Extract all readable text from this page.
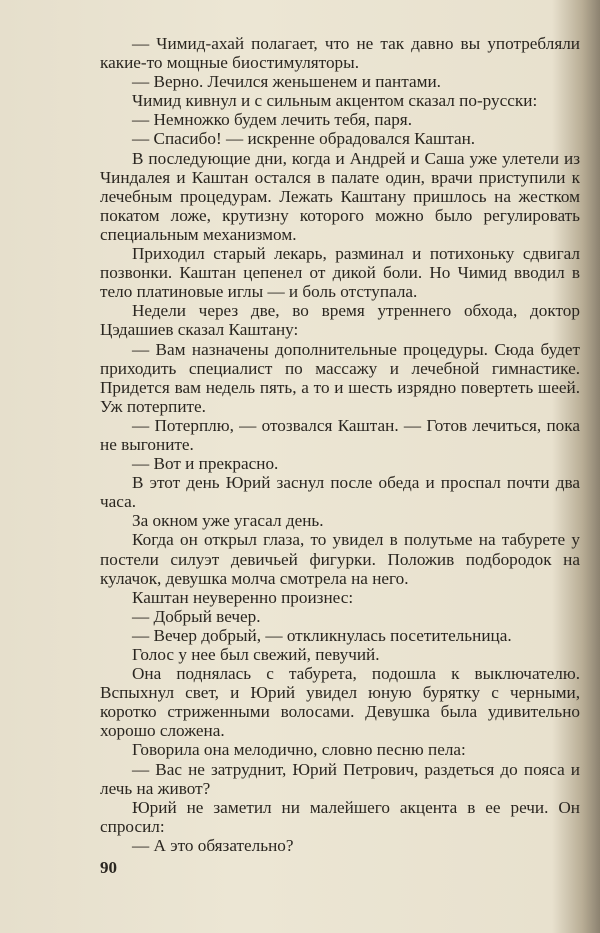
— Чимид-ахай полагает, что не так давно вы употребляли какие-то мощные биостимуляторы.

— Верно. Лечился женьшенем и пантами.

Чимид кивнул и с сильным акцентом сказал по-русски:

— Немножко будем лечить тебя, паря.

— Спасибо! — искренне обрадовался Каштан.

В последующие дни, когда и Андрей и Саша уже улетели из Чиндалея и Каштан остался в палате один, врачи приступили к лечебным процедурам. Лежать Каштану пришлось на жестком покатом ложе, крутизну которого можно было регулировать специальным механизмом.

Приходил старый лекарь, разминал и потихоньку сдвигал позвонки. Каштан цепенел от дикой боли. Но Чимид вводил в тело платиновые иглы — и боль отступала.

Недели через две, во время утреннего обхода, доктор Цэдашиев сказал Каштану:

— Вам назначены дополнительные процедуры. Сюда будет приходить специалист по массажу и лечебной гимнастике. Придется вам недель пять, а то и шесть изрядно повертеть шеей. Уж потерпите.

— Потерплю, — отозвался Каштан. — Готов лечиться, пока не выгоните.

— Вот и прекрасно.

В этот день Юрий заснул после обеда и проспал почти два часа.

За окном уже угасал день.

Когда он открыл глаза, то увидел в полутьме на табурете у постели силуэт девичьей фигурки. Положив подбородок на кулачок, девушка молча смотрела на него.

Каштан неуверенно произнес:

— Добрый вечер.

— Вечер добрый, — откликнулась посетительница.

Голос у нее был свежий, певучий.

Она поднялась с табурета, подошла к выключателю. Вспыхнул свет, и Юрий увидел юную бурятку с черными, коротко стриженными волосами. Девушка была удивительно хорошо сложена.

Говорила она мелодично, словно песню пела:

— Вас не затруднит, Юрий Петрович, раздеться до пояса и лечь на живот?

Юрий не заметил ни малейшего акцента в ее речи. Он спросил:

— А это обязательно?

90
